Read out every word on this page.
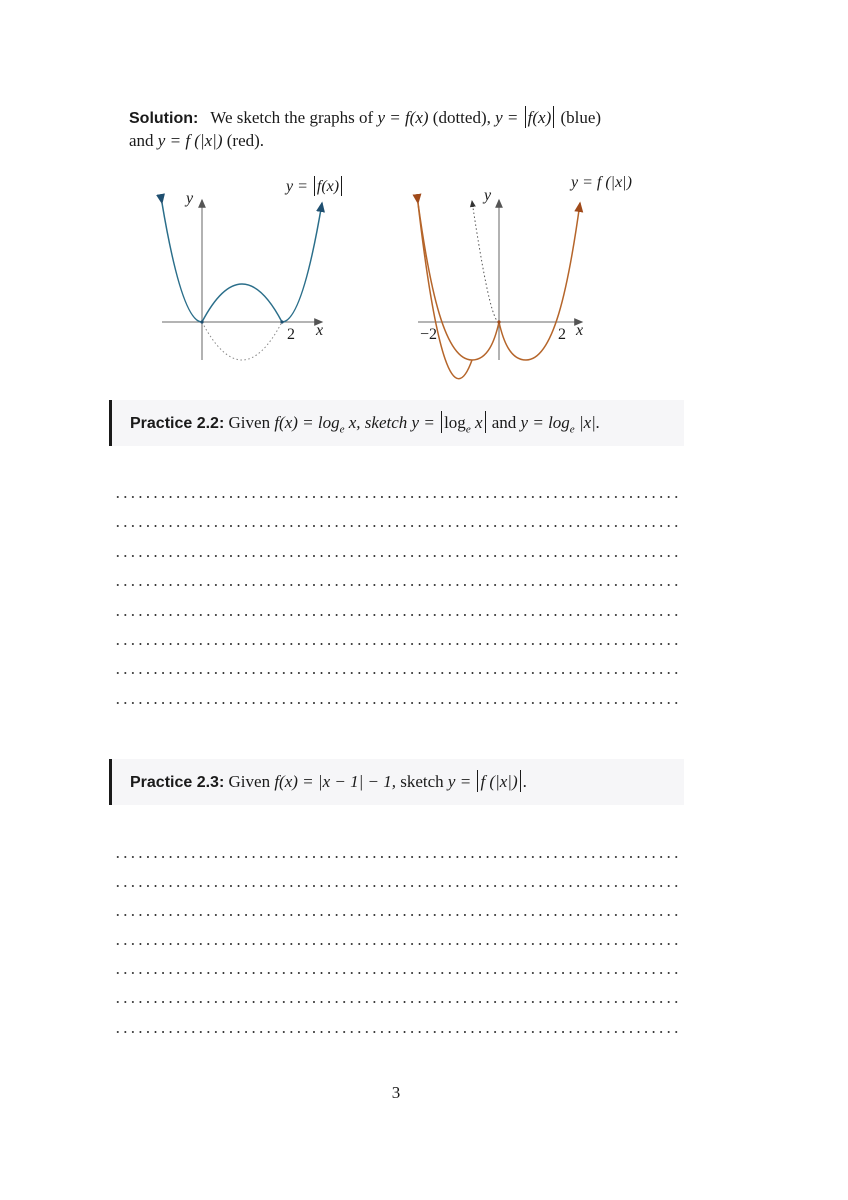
Solution: We sketch the graphs of y = f(x) (dotted), y = f(x) (blue)
and y = f (|x|) (red).
y = f(x)
y
x
2
y = f (|x|)
y
x
−2	2
Practice 2.2: Given $f(x) = \log_e x$, sketch $y = \log_e x$ and $y = \log_e |x|$.
Practice 2.3: Given f(x) = |x − 1| − 1, sketch y = f (|x|) .
3
